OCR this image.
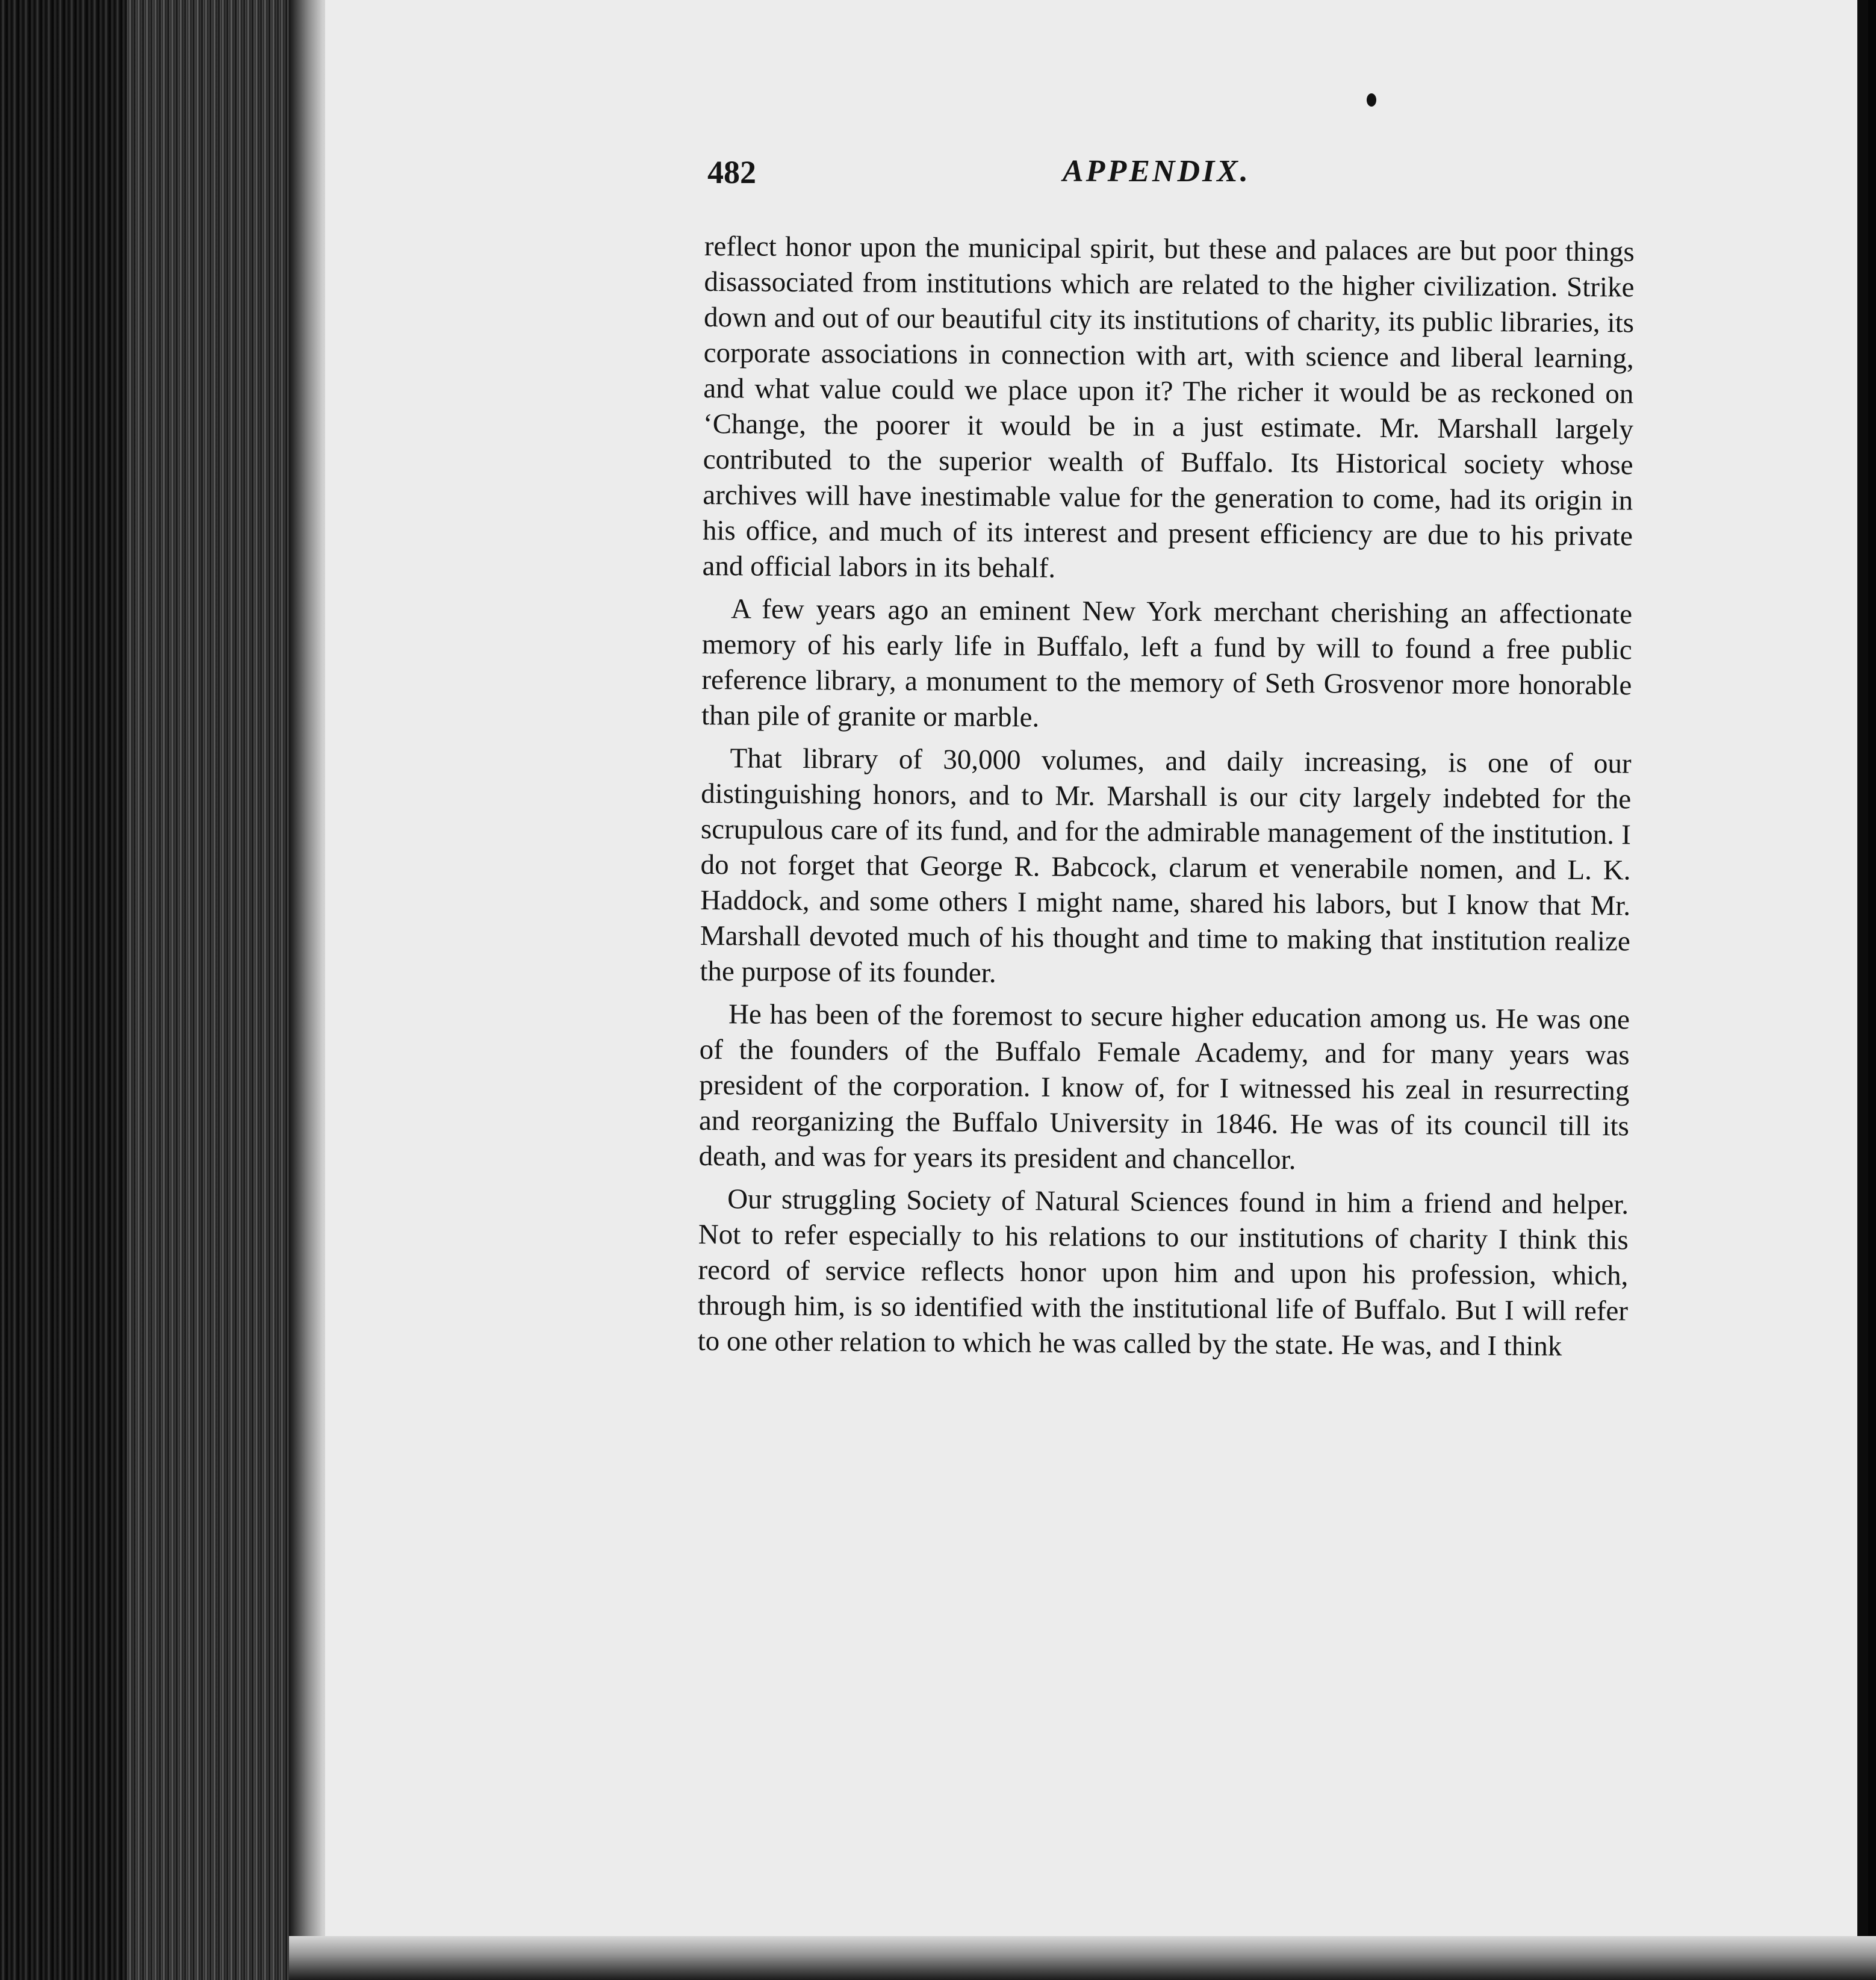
482	APPENDIX.

reflect honor upon the municipal spirit, but these and palaces are but poor things disassociated from institutions which are related to the higher civilization. Strike down and out of our beautiful city its institutions of charity, its public libraries, its corporate associations in connection with art, with science and liberal learning, and what value could we place upon it? The richer it would be as reckoned on ‘Change, the poorer it would be in a just estimate. Mr. Marshall largely contributed to the superior wealth of Buffalo. Its Historical society whose archives will have inestimable value for the generation to come, had its origin in his office, and much of its interest and present efficiency are due to his private and official labors in its behalf.

A few years ago an eminent New York merchant cherishing an affectionate memory of his early life in Buffalo, left a fund by will to found a free public reference library, a monument to the memory of Seth Grosvenor more honorable than pile of granite or marble.

That library of 30,000 volumes, and daily increasing, is one of our distinguishing honors, and to Mr. Marshall is our city largely indebted for the scrupulous care of its fund, and for the admirable management of the institution. I do not forget that George R. Babcock, clarum et venerabile nomen, and L. K. Haddock, and some others I might name, shared his labors, but I know that Mr. Marshall devoted much of his thought and time to making that institution realize the purpose of its founder.

He has been of the foremost to secure higher education among us. He was one of the founders of the Buffalo Female Academy, and for many years was president of the corporation. I know of, for I witnessed his zeal in resurrecting and reorganizing the Buffalo University in 1846. He was of its council till its death, and was for years its president and chancellor.

Our struggling Society of Natural Sciences found in him a friend and helper. Not to refer especially to his relations to our institutions of charity I think this record of service reflects honor upon him and upon his profession, which, through him, is so identified with the institutional life of Buffalo. But I will refer to one other relation to which he was called by the state. He was, and I think
